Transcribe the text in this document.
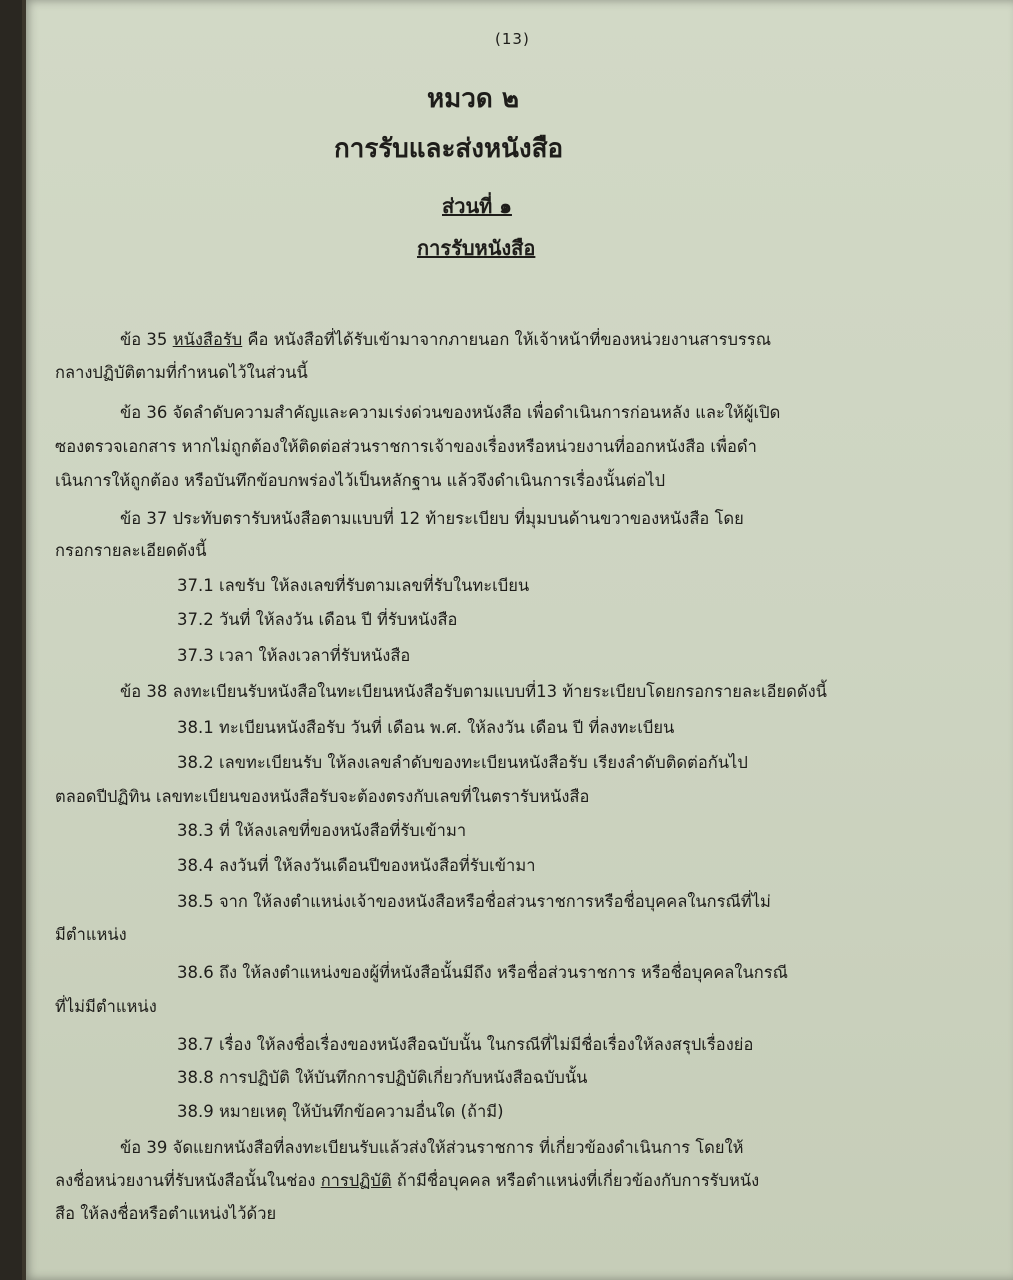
(13)
หมวด ๒
การรับและส่งหนังสือ
ส่วนที่ ๑
การรับหนังสือ
ข้อ 35 หนังสือรับ คือ หนังสือที่ได้รับเข้ามาจากภายนอก ให้เจ้าหน้าที่ของหน่วยงานสารบรรณ
กลางปฏิบัติตามที่กำหนดไว้ในส่วนนี้
ข้อ 36 จัดลำดับความสำคัญและความเร่งด่วนของหนังสือ เพื่อดำเนินการก่อนหลัง และให้ผู้เปิด
ซองตรวจเอกสาร หากไม่ถูกต้องให้ติดต่อส่วนราชการเจ้าของเรื่องหรือหน่วยงานที่ออกหนังสือ เพื่อดำ
เนินการให้ถูกต้อง หรือบันทึกข้อบกพร่องไว้เป็นหลักฐาน แล้วจึงดำเนินการเรื่องนั้นต่อไป
ข้อ 37 ประทับตรารับหนังสือตามแบบที่ 12 ท้ายระเบียบ ที่มุมบนด้านขวาของหนังสือ โดย
กรอกรายละเอียดดังนี้
37.1 เลขรับ ให้ลงเลขที่รับตามเลขที่รับในทะเบียน
37.2 วันที่ ให้ลงวัน เดือน ปี ที่รับหนังสือ
37.3 เวลา ให้ลงเวลาที่รับหนังสือ
ข้อ 38 ลงทะเบียนรับหนังสือในทะเบียนหนังสือรับตามแบบที่13 ท้ายระเบียบโดยกรอกรายละเอียดดังนี้
38.1 ทะเบียนหนังสือรับ วันที่ เดือน พ.ศ. ให้ลงวัน เดือน ปี ที่ลงทะเบียน
38.2 เลขทะเบียนรับ ให้ลงเลขลำดับของทะเบียนหนังสือรับ เรียงลำดับติดต่อกันไป
ตลอดปีปฏิทิน เลขทะเบียนของหนังสือรับจะต้องตรงกับเลขที่ในตรารับหนังสือ
38.3 ที่ ให้ลงเลขที่ของหนังสือที่รับเข้ามา
38.4 ลงวันที่ ให้ลงวันเดือนปีของหนังสือที่รับเข้ามา
38.5 จาก ให้ลงตำแหน่งเจ้าของหนังสือหรือชื่อส่วนราชการหรือชื่อบุคคลในกรณีที่ไม่
มีตำแหน่ง
38.6 ถึง ให้ลงตำแหน่งของผู้ที่หนังสือนั้นมีถึง หรือชื่อส่วนราชการ หรือชื่อบุคคลในกรณี
ที่ไม่มีตำแหน่ง
38.7 เรื่อง ให้ลงชื่อเรื่องของหนังสือฉบับนั้น ในกรณีที่ไม่มีชื่อเรื่องให้ลงสรุปเรื่องย่อ
38.8 การปฏิบัติ ให้บันทึกการปฏิบัติเกี่ยวกับหนังสือฉบับนั้น
38.9 หมายเหตุ ให้บันทึกข้อความอื่นใด (ถ้ามี)
ข้อ 39 จัดแยกหนังสือที่ลงทะเบียนรับแล้วส่งให้ส่วนราชการ ที่เกี่ยวข้องดำเนินการ โดยให้
ลงชื่อหน่วยงานที่รับหนังสือนั้นในช่อง การปฏิบัติ ถ้ามีชื่อบุคคล หรือตำแหน่งที่เกี่ยวข้องกับการรับหนัง
สือ ให้ลงชื่อหรือตำแหน่งไว้ด้วย
